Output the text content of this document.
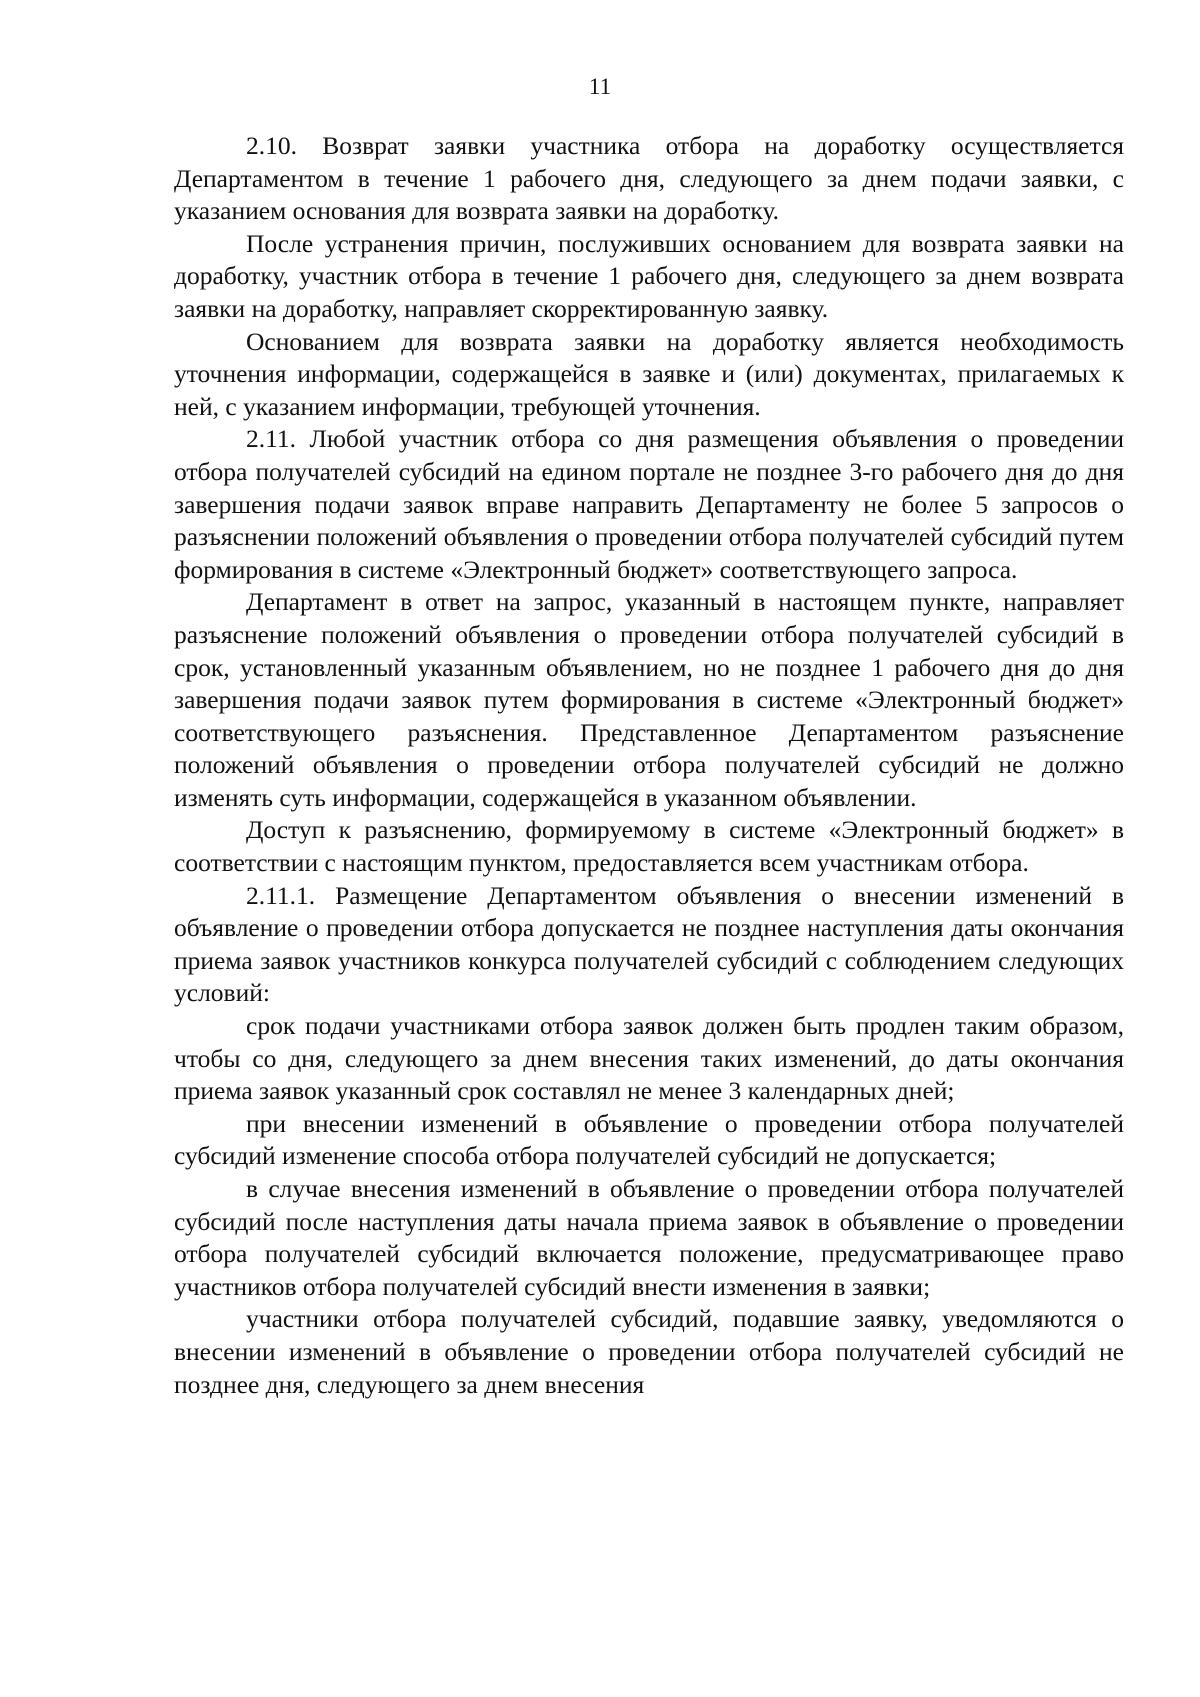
11

2.10. Возврат заявки участника отбора на доработку осуществляется Департаментом в течение 1 рабочего дня, следующего за днем подачи заявки, с указанием основания для возврата заявки на доработку.

После устранения причин, послуживших основанием для возврата заявки на доработку, участник отбора в течение 1 рабочего дня, следующего за днем возврата заявки на доработку, направляет скорректированную заявку.

Основанием для возврата заявки на доработку является необходимость уточнения информации, содержащейся в заявке и (или) документах, прилагаемых к ней, с указанием информации, требующей уточнения.

2.11. Любой участник отбора со дня размещения объявления о проведении отбора получателей субсидий на едином портале не позднее 3-го рабочего дня до дня завершения подачи заявок вправе направить Департаменту не более 5 запросов о разъяснении положений объявления о проведении отбора получателей субсидий путем формирования в системе «Электронный бюджет» соответствующего запроса.

Департамент в ответ на запрос, указанный в настоящем пункте, направляет разъяснение положений объявления о проведении отбора получателей субсидий в срок, установленный указанным объявлением, но не позднее 1 рабочего дня до дня завершения подачи заявок путем формирования в системе «Электронный бюджет» соответствующего разъяснения. Представленное Департаментом разъяснение положений объявления о проведении отбора получателей субсидий не должно изменять суть информации, содержащейся в указанном объявлении.

Доступ к разъяснению, формируемому в системе «Электронный бюджет» в соответствии с настоящим пунктом, предоставляется всем участникам отбора.

2.11.1. Размещение Департаментом объявления о внесении изменений в объявление о проведении отбора допускается не позднее наступления даты окончания приема заявок участников конкурса получателей субсидий с соблюдением следующих условий:

срок подачи участниками отбора заявок должен быть продлен таким образом, чтобы со дня, следующего за днем внесения таких изменений, до даты окончания приема заявок указанный срок составлял не менее 3 календарных дней;

при внесении изменений в объявление о проведении отбора получателей субсидий изменение способа отбора получателей субсидий не допускается;

в случае внесения изменений в объявление о проведении отбора получателей субсидий после наступления даты начала приема заявок в объявление о проведении отбора получателей субсидий включается положение, предусматривающее право участников отбора получателей субсидий внести изменения в заявки;

участники отбора получателей субсидий, подавшие заявку, уведомляются о внесении изменений в объявление о проведении отбора получателей субсидий не позднее дня, следующего за днем внесения
